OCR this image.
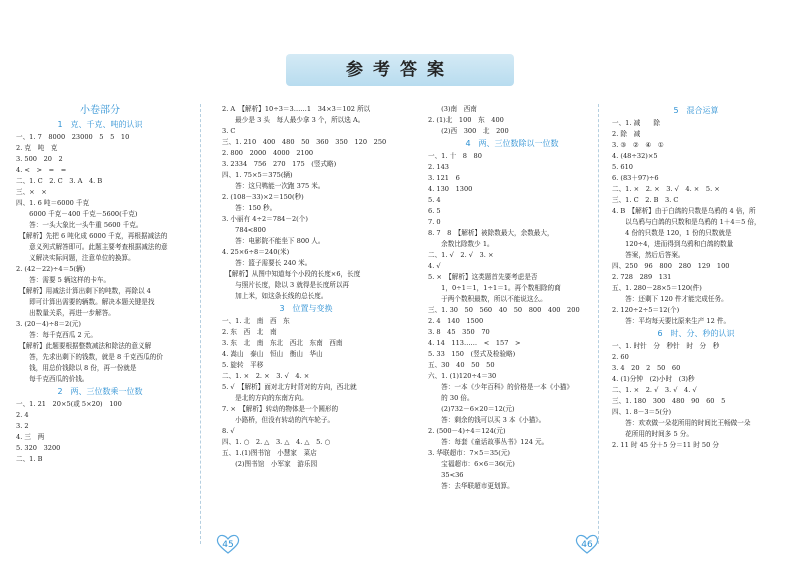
参考答案
小卷部分
1　克、千克、吨的认识
一、1. 7　8000　23000　5　5　10
2. 克　吨　克
3. 500　20　2
4. <　>　=　=
二、1. C　2. C　3. A　4. B
三、×　×
四、1. 6 吨＝6000 千克
　　6000 千克－400 千克－5600(千克)
　　答：一头大象比一头牛重 5600 千克。
　【解析】先把 6 吨化成 6000 千克，再根据减法的
　　意义列式解答即可。此题主要考查根据减法的意
　　义解决实际问题，注意单位的换算。
2. (42－22)÷4＝5(辆)
　　答：需要 5 辆这样的卡车。
　【解析】用减法计算出剩下的吨数，再除以 4
　　即可计算出需要的辆数。解决本题关键是找
　　出数量关系，再进一步解答。
3. (20－4)÷8＝2(元)
　　答：每千克西瓜 2 元。
　【解析】此题要根据整数减法和除法的意义解
　　答，先求出剩下的钱数，就是 8 千克西瓜的价
　　钱，用总价钱除以 8 份，再一份就是
　　每千克西瓜的价钱。
2　两、三位数乘一位数
一、1. 21　20×5(或 5×20)　100
2. 4
3. 2
4. 三　两
5. 320　3200
二、1. B
2. A　【解析】10÷3＝3……1　34×3＝102 所以
　　最少是 3 头　每人最少拿 3 个，所以选 A。
3. C
三、1. 210　400　480　50　360　350　120　250
2. 800　2000　4000　2100
3. 2334　756　270　175　(竖式略)
四、1. 75×5＝375(辆)
　　答：这只鸭能一次跑 375 米。
2. (108－33)×2＝150(秒)
　　答：150 秒。
3. 小丽有 4÷2＝784－2(个)
　　784<800
　　答：电影院不能坐下 800 人。
4. 25×6÷8＝240(米)
　　答：篮子需要长 240 米。
　【解析】从图中知道每个小段的长度×6，长度
　　与照片长度，除以 3 就得是长度所以再
　　加上米，如这条长线的总长度。
3　位置与变换
一、1. 北　南　西　东
2. 东　西　北　南
3. 东　北　南　东北　西北　东南　西南
4. 嵩山　泰山　恒山　衡山　华山
5. 旋转　平移
二、1. ×　2. ×　3. √　4. ×
5. √　【解析】面对北方时背对的方向，西北就
　　是北的方向的东南方向。
7. ×　【解析】转动的物体是一个圆形的
　　小路桥，但没有转动的汽车轮子。
8. √
四、1. ○　2. △　3. △　4. △　5. ○
五、1.(1)图书馆　小慧家　菜店
　　(2)图书馆　小军家　游乐园
　　(3)南　西南
2. (1)北　100　东　400
　　(2)西　300　北　200
4　两、三位数除以一位数
一、1. 十　8　80
2. 143
3. 121　6
4. 130　1300
5. 4
6. 5
7. 0
8. 7　8　【解析】被除数最大，余数最大，
　　余数比除数少 1。
二、1. √　2. √　3. ×
4. √
5. ×　【解析】这类题首先要考虑是否
　　1，0÷1＝1，1÷1＝1。再个数相除的商
　　于两个数积最数，所以不能说这么。
三、1. 30　50　560　40　50　800　400　200
2. 4　140　1500
3. 8　45　350　70
4. 14　113……　<　157　>
5. 33　150　(竖式及检验略)
五、30　40　50　50
六、1. (1)120÷4＝30
　　答：一本《少年百科》的价格是一本《小猫》
　　的 30 倍。
　　(2)732－6×20＝12(元)
　　答：剩余的钱可以买 3 本《小猫》。
2. (500－4)÷4＝124(元)
　　答：每套《童话故事丛书》124 元。
3. 华联超市：7×5＝35(元)
　　宝福超市：6×6＝36(元)
　　35<36
　　答：去华联超市更划算。
5　混合运算
一、1. 减　　除
2. 除　减
3. ③　②　④　①
4. (48÷32)×5
5. 610
6. (83＋97)÷6
二、1. ×　2. ×　3. √　4. ×　5. ×
三、1. C　2. B　3. C
4. B　【解析】由于白鸽的只数是乌鸦的 4 倍，所
　　以乌鸦与白鸽的只数和是乌鸦的 1＋4＝5 倍，
　　4 份的只数是 120，1 份的只数就是
　　120÷4，进而得到乌鸦和白鸽的数量
　　答案，然后后答案。
四、250　96　800　280　129　100
2. 728　289　131
五、1. 280－28×5＝120(件)
　　答：还剩下 120 件才能完成任务。
2. 120÷2÷5＝12(个)
　　答：平均每天要比原来生产 12 件。
6　时、分、秒的认识
一、1. 时针　分　秒针　时　分　秒
2. 60
3. 4　20　2　50　60
4. (1)分钟　(2)小时　(3)秒
二、1. ×　2. √　3. √　4. √
三、1. 180　300　480　90　60　5
四、1. 8－3＝5(分)
　　答：欢欢做一朵花所用的时间比王畅做一朵
　　花所用的时间多 5 分。
2. 11 时 45 分＋5 分＝11 时 50 分
45	46
